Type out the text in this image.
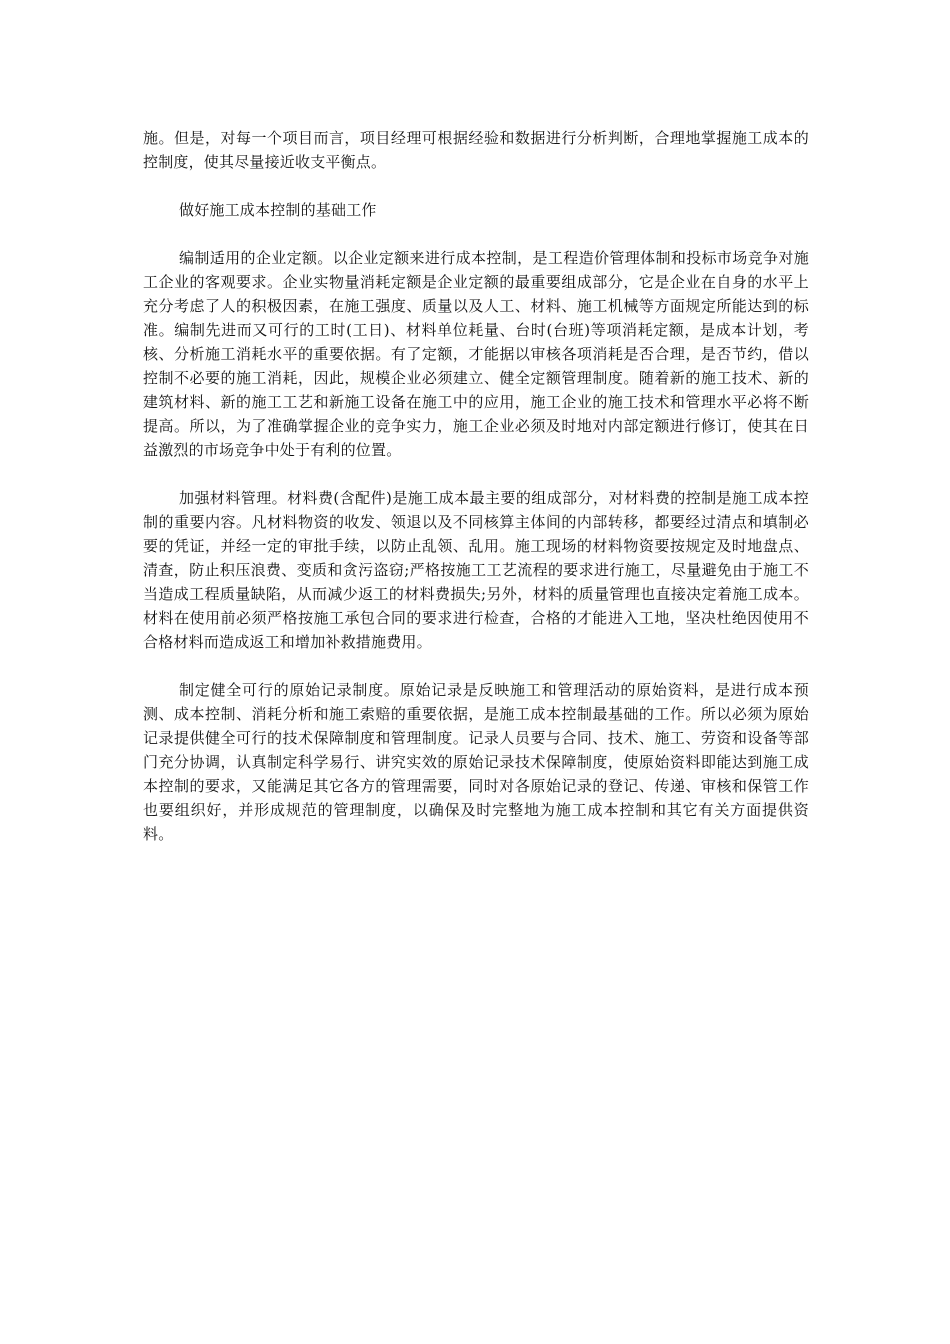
施。但是，对每一个项目而言，项目经理可根据经验和数据进行分析判断，合理地掌握施工成本的控制度，使其尽量接近收支平衡点。

做好施工成本控制的基础工作

编制适用的企业定额。以企业定额来进行成本控制，是工程造价管理体制和投标市场竞争对施工企业的客观要求。企业实物量消耗定额是企业定额的最重要组成部分，它是企业在自身的水平上充分考虑了人的积极因素，在施工强度、质量以及人工、材料、施工机械等方面规定所能达到的标准。编制先进而又可行的工时(工日)、材料单位耗量、台时(台班)等项消耗定额，是成本计划，考核、分析施工消耗水平的重要依据。有了定额，才能据以审核各项消耗是否合理，是否节约，借以控制不必要的施工消耗，因此，规模企业必须建立、健全定额管理制度。随着新的施工技术、新的建筑材料、新的施工工艺和新施工设备在施工中的应用，施工企业的施工技术和管理水平必将不断提高。所以，为了准确掌握企业的竞争实力，施工企业必须及时地对内部定额进行修订，使其在日益激烈的市场竞争中处于有利的位置。

加强材料管理。材料费(含配件)是施工成本最主要的组成部分，对材料费的控制是施工成本控制的重要内容。凡材料物资的收发、领退以及不同核算主体间的内部转移，都要经过清点和填制必要的凭证，并经一定的审批手续，以防止乱领、乱用。施工现场的材料物资要按规定及时地盘点、清查，防止积压浪费、变质和贪污盗窃;严格按施工工艺流程的要求进行施工，尽量避免由于施工不当造成工程质量缺陷，从而减少返工的材料费损失;另外，材料的质量管理也直接决定着施工成本。材料在使用前必须严格按施工承包合同的要求进行检查，合格的才能进入工地，坚决杜绝因使用不合格材料而造成返工和增加补救措施费用。

制定健全可行的原始记录制度。原始记录是反映施工和管理活动的原始资料，是进行成本预测、成本控制、消耗分析和施工索赔的重要依据，是施工成本控制最基础的工作。所以必须为原始记录提供健全可行的技术保障制度和管理制度。记录人员要与合同、技术、施工、劳资和设备等部门充分协调，认真制定科学易行、讲究实效的原始记录技术保障制度，使原始资料即能达到施工成本控制的要求，又能满足其它各方的管理需要，同时对各原始记录的登记、传递、审核和保管工作也要组织好，并形成规范的管理制度，以确保及时完整地为施工成本控制和其它有关方面提供资料。
